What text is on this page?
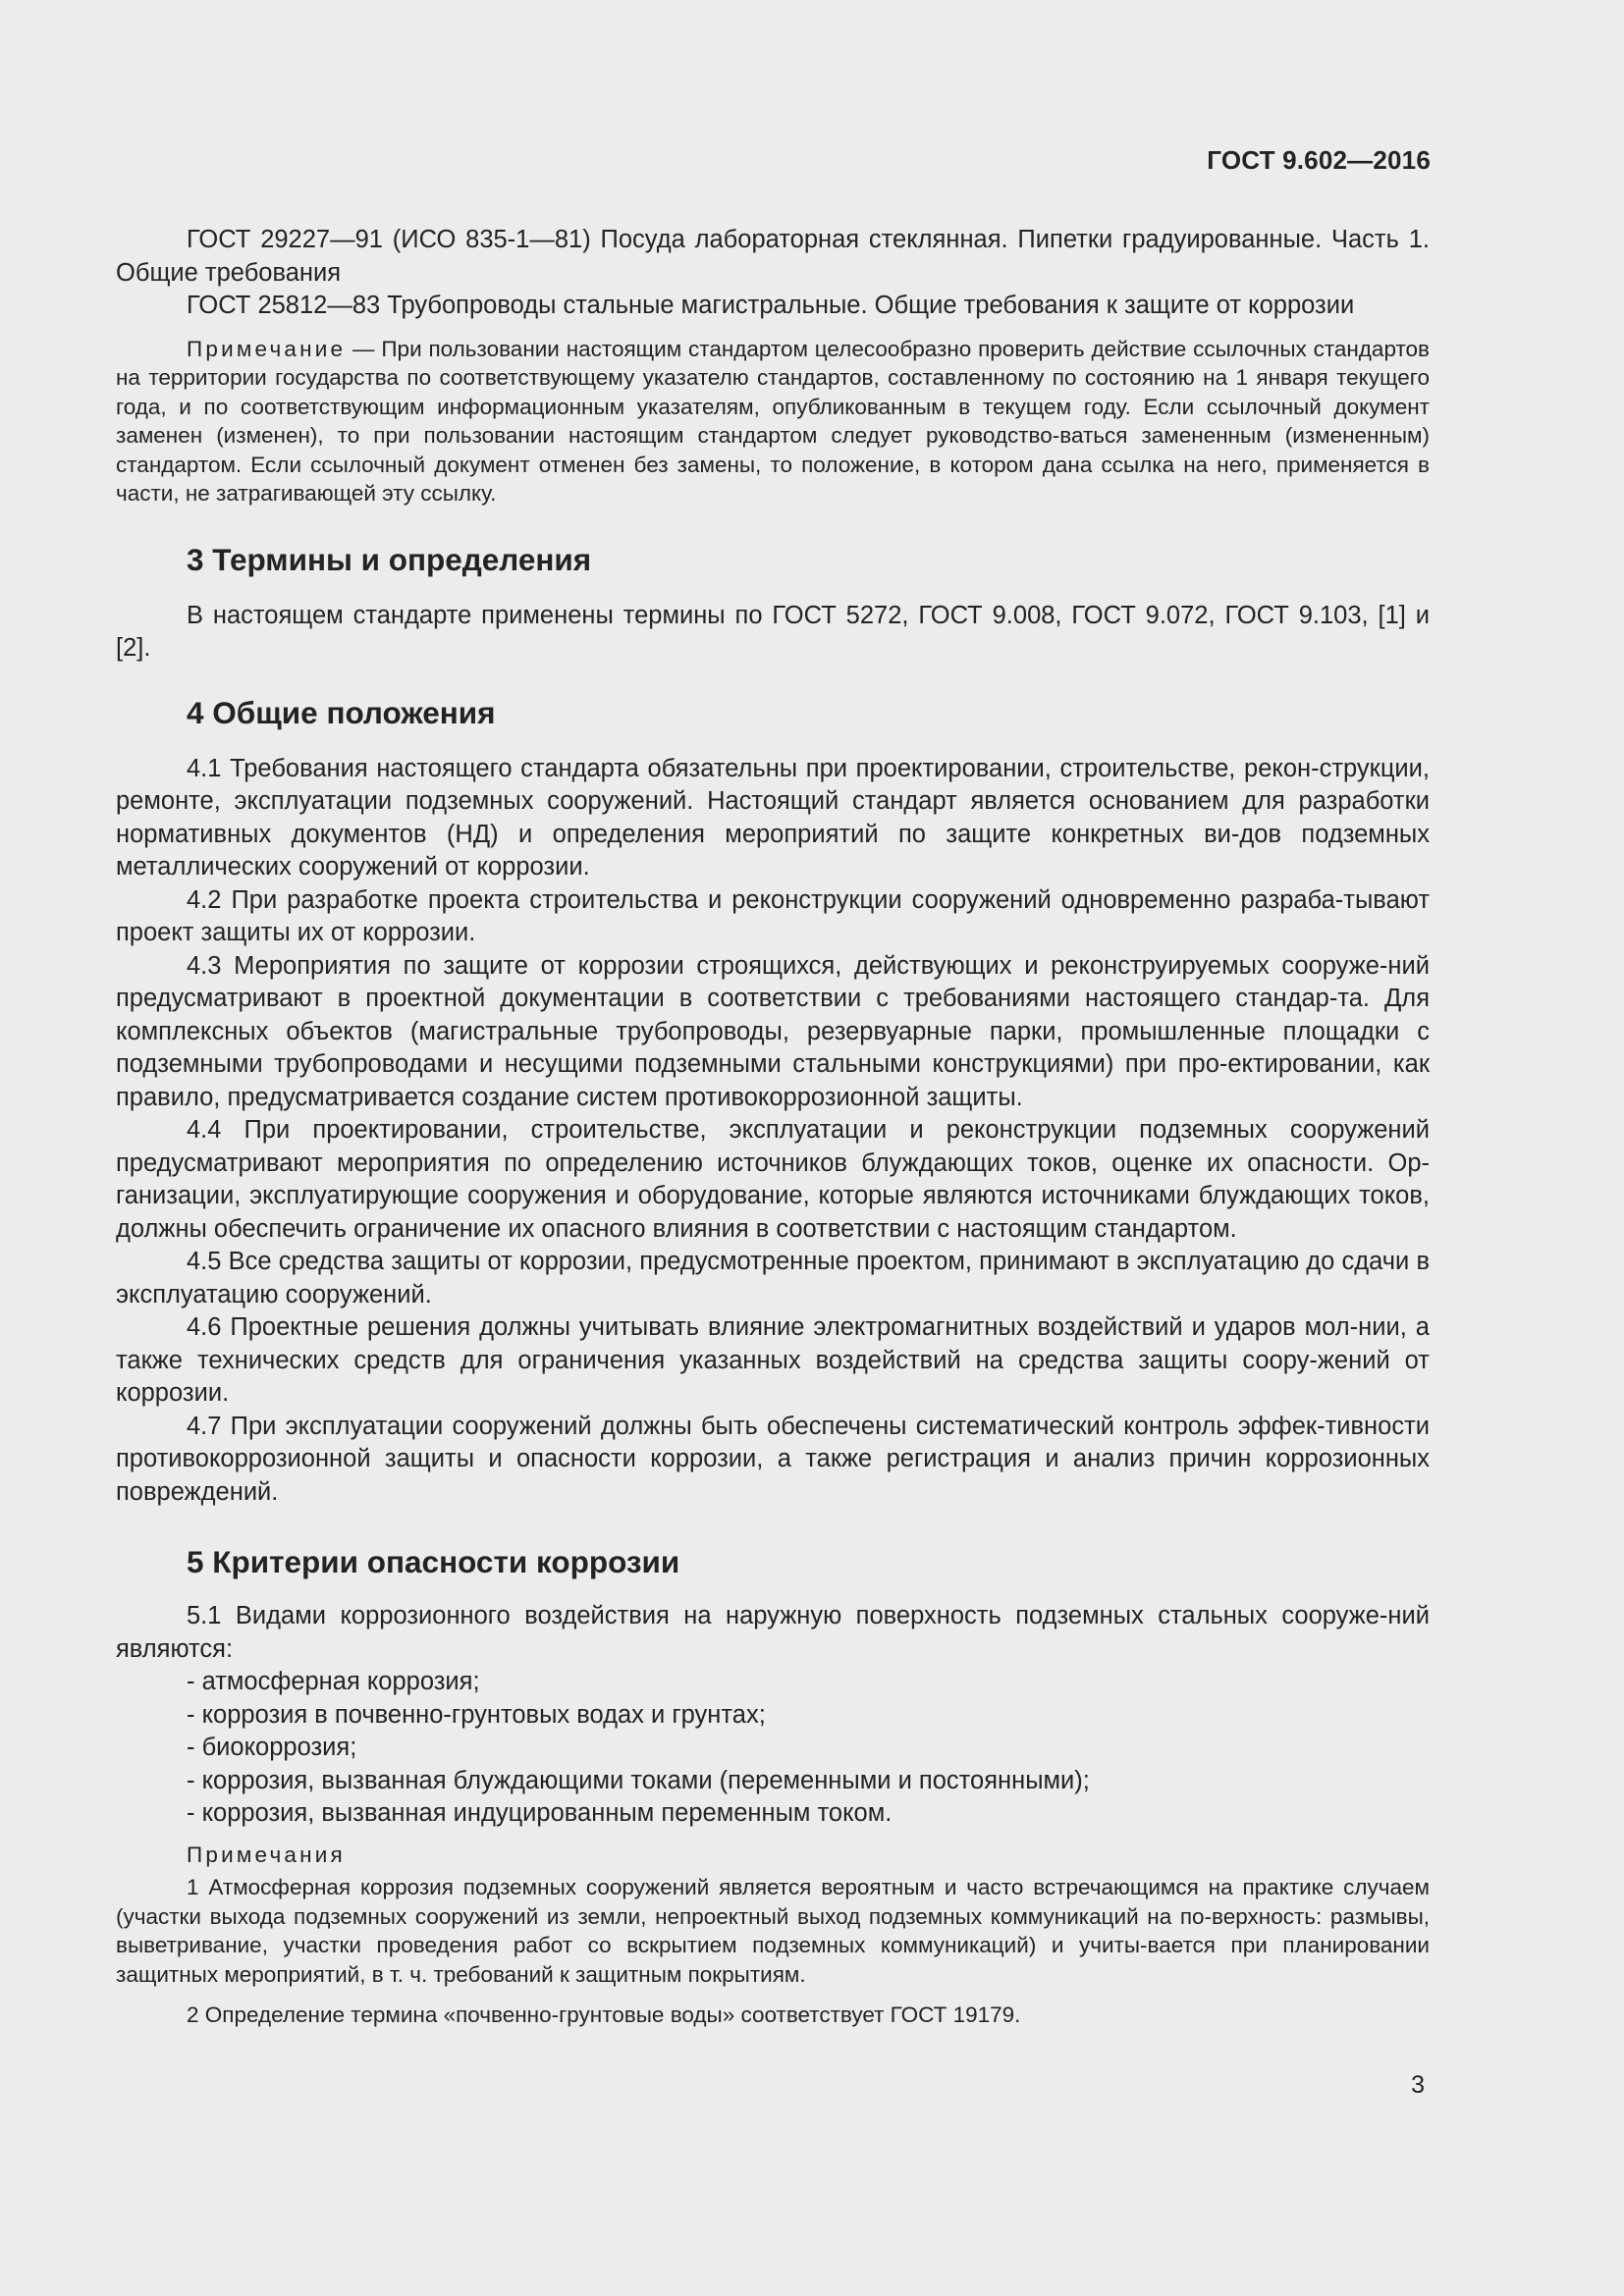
ГОСТ 9.602—2016

ГОСТ 29227—91 (ИСО 835-1—81) Посуда лабораторная стеклянная. Пипетки градуированные. Часть 1. Общие требования

ГОСТ 25812—83 Трубопроводы стальные магистральные. Общие требования к защите от коррозии

Примечание — При пользовании настоящим стандартом целесообразно проверить действие ссылочных стандартов на территории государства по соответствующему указателю стандартов, составленному по состоянию на 1 января текущего года, и по соответствующим информационным указателям, опубликованным в текущем году. Если ссылочный документ заменен (изменен), то при пользовании настоящим стандартом следует руководство-ваться замененным (измененным) стандартом. Если ссылочный документ отменен без замены, то положение, в котором дана ссылка на него, применяется в части, не затрагивающей эту ссылку.

3 Термины и определения

В настоящем стандарте применены термины по ГОСТ 5272, ГОСТ 9.008, ГОСТ 9.072, ГОСТ 9.103, [1] и [2].

4 Общие положения

4.1 Требования настоящего стандарта обязательны при проектировании, строительстве, рекон-струкции, ремонте, эксплуатации подземных сооружений. Настоящий стандарт является основанием для разработки нормативных документов (НД) и определения мероприятий по защите конкретных ви-дов подземных металлических сооружений от коррозии.

4.2 При разработке проекта строительства и реконструкции сооружений одновременно разраба-тывают проект защиты их от коррозии.

4.3 Мероприятия по защите от коррозии строящихся, действующих и реконструируемых сооруже-ний предусматривают в проектной документации в соответствии с требованиями настоящего стандар-та. Для комплексных объектов (магистральные трубопроводы, резервуарные парки, промышленные площадки с подземными трубопроводами и несущими подземными стальными конструкциями) при про-ектировании, как правило, предусматривается создание систем противокоррозионной защиты.

4.4 При проектировании, строительстве, эксплуатации и реконструкции подземных сооружений предусматривают мероприятия по определению источников блуждающих токов, оценке их опасности. Ор-ганизации, эксплуатирующие сооружения и оборудование, которые являются источниками блуждающих токов, должны обеспечить ограничение их опасного влияния в соответствии с настоящим стандартом.

4.5 Все средства защиты от коррозии, предусмотренные проектом, принимают в эксплуатацию до сдачи в эксплуатацию сооружений.

4.6 Проектные решения должны учитывать влияние электромагнитных воздействий и ударов мол-нии, а также технических средств для ограничения указанных воздействий на средства защиты соору-жений от коррозии.

4.7 При эксплуатации сооружений должны быть обеспечены систематический контроль эффек-тивности противокоррозионной защиты и опасности коррозии, а также регистрация и анализ причин коррозионных повреждений.

5 Критерии опасности коррозии

5.1 Видами коррозионного воздействия на наружную поверхность подземных стальных сооруже-ний являются:

- атмосферная коррозия;
- коррозия в почвенно-грунтовых водах и грунтах;
- биокоррозия;
- коррозия, вызванная блуждающими токами (переменными и постоянными);
- коррозия, вызванная индуцированным переменным током.

Примечания

1 Атмосферная коррозия подземных сооружений является вероятным и часто встречающимся на практике случаем (участки выхода подземных сооружений из земли, непроектный выход подземных коммуникаций на по-верхность: размывы, выветривание, участки проведения работ со вскрытием подземных коммуникаций) и учиты-вается при планировании защитных мероприятий, в т. ч. требований к защитным покрытиям.

2 Определение термина «почвенно-грунтовые воды» соответствует ГОСТ 19179.

3
